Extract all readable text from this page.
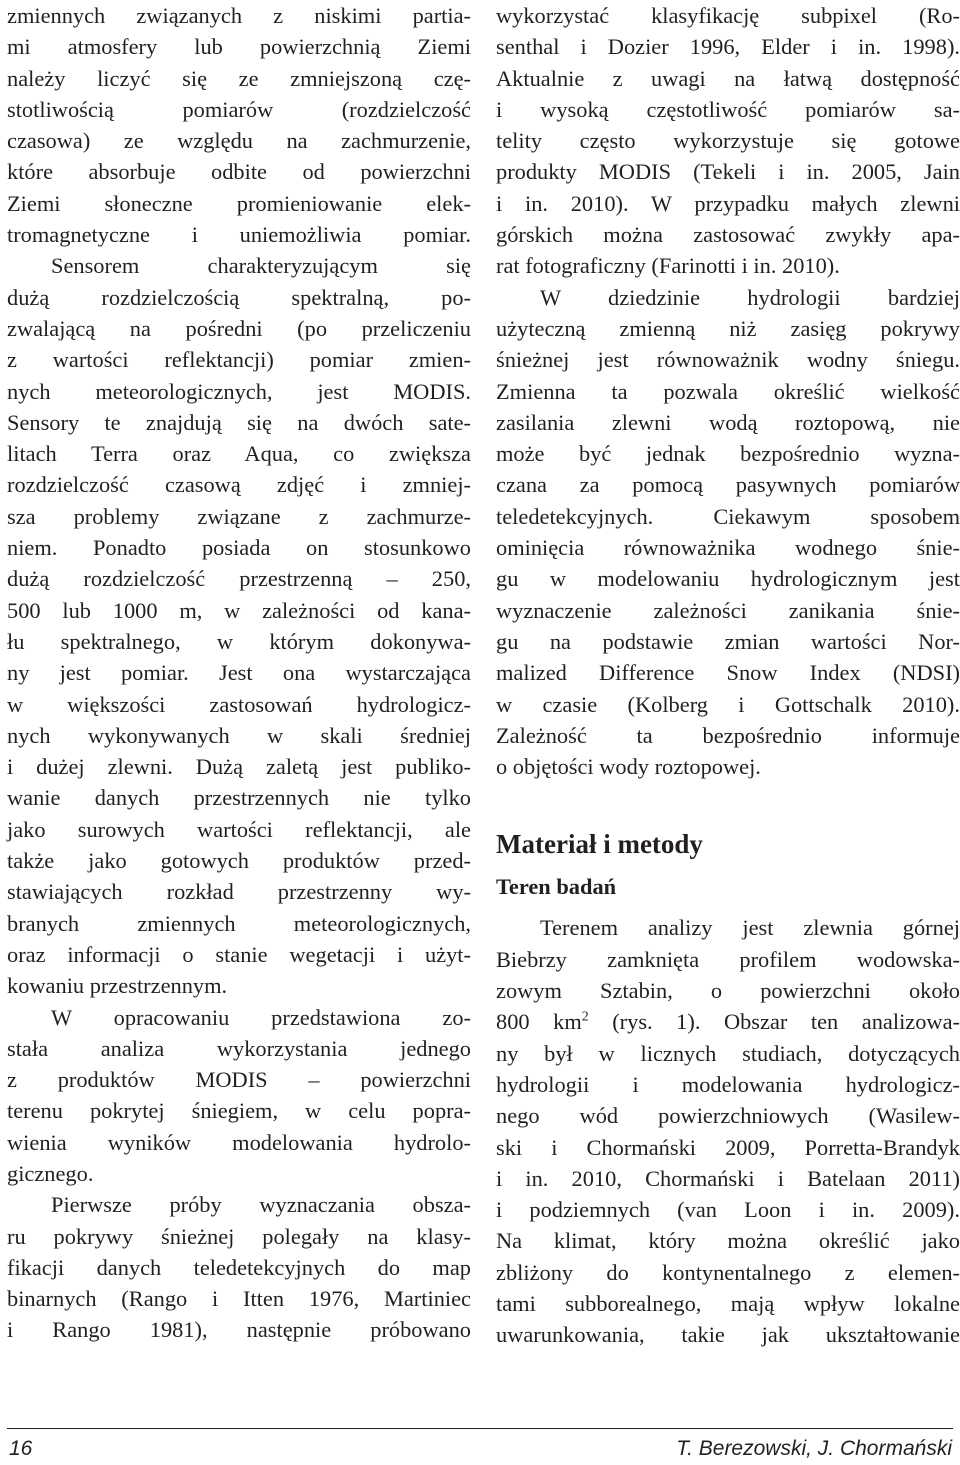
zmiennych związanych z niskimi partia-
mi atmosfery lub powierzchnią Ziemi
należy liczyć się ze zmniejszoną czę-
stotliwością pomiarów (rozdzielczość
czasowa) ze względu na zachmurzenie,
które absorbuje odbite od powierzchni
Ziemi słoneczne promieniowanie elek-
tromagnetyczne i uniemożliwia pomiar.
Sensorem charakteryzującym się
dużą rozdzielczością spektralną, po-
zwalającą na pośredni (po przeliczeniu
z wartości reflektancji) pomiar zmien-
nych meteorologicznych, jest MODIS.
Sensory te znajdują się na dwóch sate-
litach Terra oraz Aqua, co zwiększa
rozdzielczość czasową zdjęć i zmniej-
sza problemy związane z zachmurze-
niem. Ponadto posiada on stosunkowo
dużą rozdzielczość przestrzenną – 250,
500 lub 1000 m, w zależności od kana-
łu spektralnego, w którym dokonywa-
ny jest pomiar. Jest ona wystarczająca
w większości zastosowań hydrologicz-
nych wykonywanych w skali średniej
i dużej zlewni. Dużą zaletą jest publiko-
wanie danych przestrzennych nie tylko
jako surowych wartości reflektancji, ale
także jako gotowych produktów przed-
stawiających rozkład przestrzenny wy-
branych zmiennych meteorologicznych,
oraz informacji o stanie wegetacji i użyt-
kowaniu przestrzennym.

W opracowaniu przedstawiona zo-
stała analiza wykorzystania jednego
z produktów MODIS – powierzchni
terenu pokrytej śniegiem, w celu popra-
wienia wyników modelowania hydrolo-
gicznego.

Pierwsze próby wyznaczania obsza-
ru pokrywy śnieżnej polegały na klasy-
fikacji danych teledetekcyjnych do map
binarnych (Rango i Itten 1976, Martiniec
i Rango 1981), następnie próbowano

wykorzystać klasyfikację subpixel (Ro-
senthal i Dozier 1996, Elder i in. 1998).
Aktualnie z uwagi na łatwą dostępność
i wysoką częstotliwość pomiarów sa-
telity często wykorzystuje się gotowe
produkty MODIS (Tekeli i in. 2005, Jain
i in. 2010). W przypadku małych zlewni
górskich można zastosować zwykły apa-
rat fotograficzny (Farinotti i in. 2010).

W dziedzinie hydrologii bardziej
użyteczną zmienną niż zasięg pokrywy
śnieżnej jest równoważnik wodny śniegu.
Zmienna ta pozwala określić wielkość
zasilania zlewni wodą roztopową, nie
może być jednak bezpośrednio wyzna-
czana za pomocą pasywnych pomiarów
teledetekcyjnych. Ciekawym sposobem
ominięcia równoważnika wodnego śnie-
gu w modelowaniu hydrologicznym jest
wyznaczenie zależności zanikania śnie-
gu na podstawie zmian wartości Nor-
malized Difference Snow Index (NDSI)
w czasie (Kolberg i Gottschalk 2010).
Zależność ta bezpośrednio informuje
o objętości wody roztopowej.

Materiał i metody
Teren badań

Terenem analizy jest zlewnia górnej
Biebrzy zamknięta profilem wodowska-
zowym Sztabin, o powierzchni około
800 $km^2$ (rys. 1). Obszar ten analizowa-
ny był w licznych studiach, dotyczących
hydrologii i modelowania hydrologicz-
nego wód powierzchniowych (Wasilew-
ski i Chormański 2009, Porretta-Brandyk
i in. 2010, Chormański i Batelaan 2011)
i podziemnych (van Loon i in. 2009).
Na klimat, który można określić jako
zbliżony do kontynentalnego z elemen-
tami subborealnego, mają wpływ lokalne
uwarunkowania, takie jak ukształtowanie

16	T. Berezowski, J. Chormański
